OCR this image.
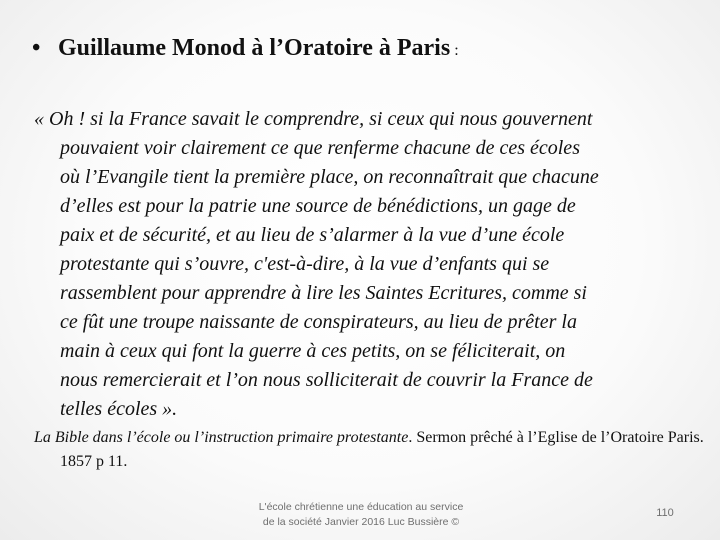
• Guillaume Monod à l’Oratoire à Paris :

« Oh ! si la France savait le comprendre, si ceux qui nous gouvernent
pouvaient voir clairement ce que renferme chacune de ces écoles
où l’Evangile tient la première place, on reconnaîtrait que chacune
d’elles est pour la patrie une source de bénédictions, un gage de
paix et de sécurité, et au lieu de s’alarmer à la vue d’une école
protestante qui s’ouvre, c'est-à-dire, à la vue d’enfants qui se
rassemblent pour apprendre à lire les Saintes Ecritures, comme si
ce fût une troupe naissante de conspirateurs, au lieu de prêter la
main à ceux qui font la guerre à ces petits, on se féliciterait, on
nous remercierait et l’on nous solliciterait de couvrir la France de
telles écoles ».

La Bible dans l’école ou l’instruction primaire protestante. Sermon prêché à l’Eglise de l’Oratoire Paris. 1857 p 11.

L'école chrétienne une éducation au service
de la société Janvier 2016 Luc Bussière ©
110
